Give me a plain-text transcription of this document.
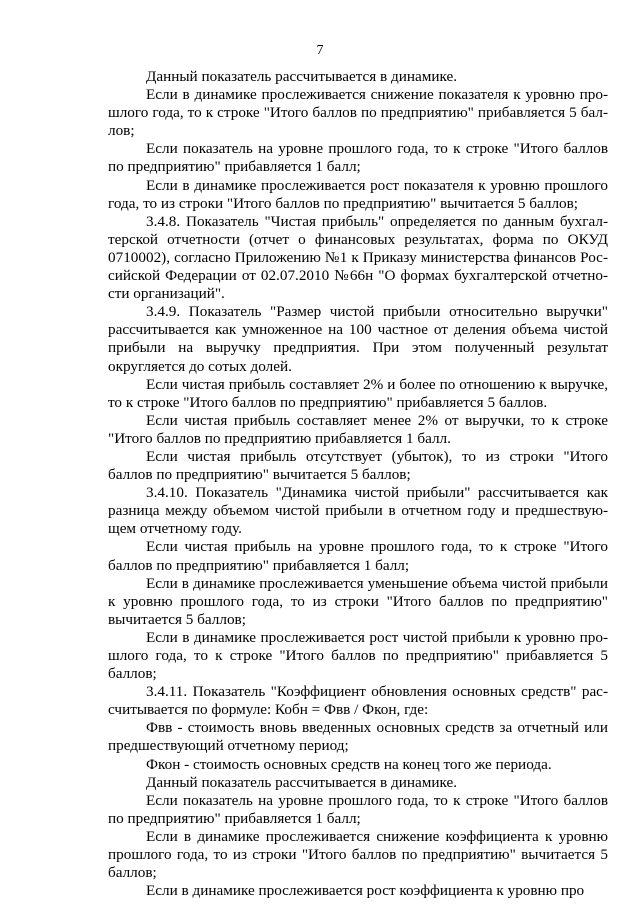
7

Данный показатель рассчитывается в динамике.

Если в динамике прослеживается снижение показателя к уровню прошлого года, то к строке "Итого баллов по предприятию" прибавляется 5 баллов;

Если показатель на уровне прошлого года, то к строке "Итого баллов по предприятию" прибавляется 1 балл;

Если в динамике прослеживается рост показателя к уровню прошлого года, то из строки "Итого баллов по предприятию" вычитается 5 баллов;

3.4.8. Показатель "Чистая прибыль" определяется по данным бухгалтерской отчетности (отчет о финансовых результатах, форма по ОКУД 0710002), согласно Приложению №1 к Приказу министерства финансов Российской Федерации от 02.07.2010 №66н "О формах бухгалтерской отчетности организаций".

3.4.9. Показатель "Размер чистой прибыли относительно выручки" рассчитывается как умноженное на 100 частное от деления объема чистой прибыли на выручку предприятия. При этом полученный результат округляется до сотых долей.

Если чистая прибыль составляет 2% и более по отношению к выручке, то к строке "Итого баллов по предприятию" прибавляется 5 баллов.

Если чистая прибыль составляет менее 2% от выручки, то к строке "Итого баллов по предприятию прибавляется 1 балл.

Если чистая прибыль отсутствует (убыток), то из строки "Итого баллов по предприятию" вычитается 5 баллов;

3.4.10. Показатель "Динамика чистой прибыли" рассчитывается как разница между объемом чистой прибыли в отчетном году и предшествующем отчетному году.

Если чистая прибыль на уровне прошлого года, то к строке "Итого баллов по предприятию" прибавляется 1 балл;

Если в динамике прослеживается уменьшение объема чистой прибыли к уровню прошлого года, то из строки "Итого баллов по предприятию" вычитается 5 баллов;

Если в динамике прослеживается рост чистой прибыли к уровню прошлого года, то к строке "Итого баллов по предприятию" прибавляется 5 баллов;

3.4.11. Показатель "Коэффициент обновления основных средств" рассчитывается по формуле: Кобн = Фвв / Фкон, где:

Фвв - стоимость вновь введенных основных средств за отчетный или предшествующий отчетному период;

Фкон - стоимость основных средств на конец того же периода.

Данный показатель рассчитывается в динамике.

Если показатель на уровне прошлого года, то к строке "Итого баллов по предприятию" прибавляется 1 балл;

Если в динамике прослеживается снижение коэффициента к уровню прошлого года, то из строки "Итого баллов по предприятию" вычитается 5 баллов;

Если в динамике прослеживается рост коэффициента к уровню про
